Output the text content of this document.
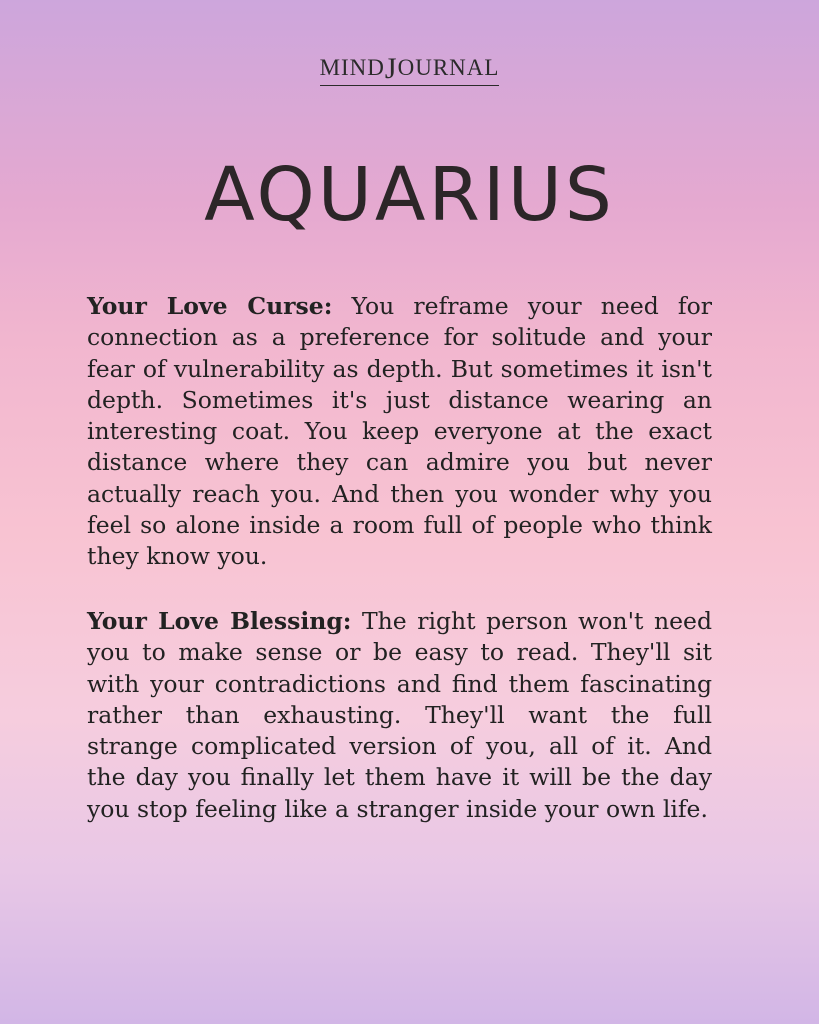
MINDJOURNAL
AQUARIUS

Your Love Curse: You reframe your need for connection as a preference for solitude and your fear of vulnerability as depth. But sometimes it isn't depth. Sometimes it's just distance wearing an interesting coat. You keep everyone at the exact distance where they can admire you but never actually reach you. And then you wonder why you feel so alone inside a room full of people who think they know you.

Your Love Blessing: The right person won't need you to make sense or be easy to read. They'll sit with your contradictions and find them fascinating rather than exhausting. They'll want the full strange complicated version of you, all of it. And the day you finally let them have it will be the day you stop feeling like a stranger inside your own life.
